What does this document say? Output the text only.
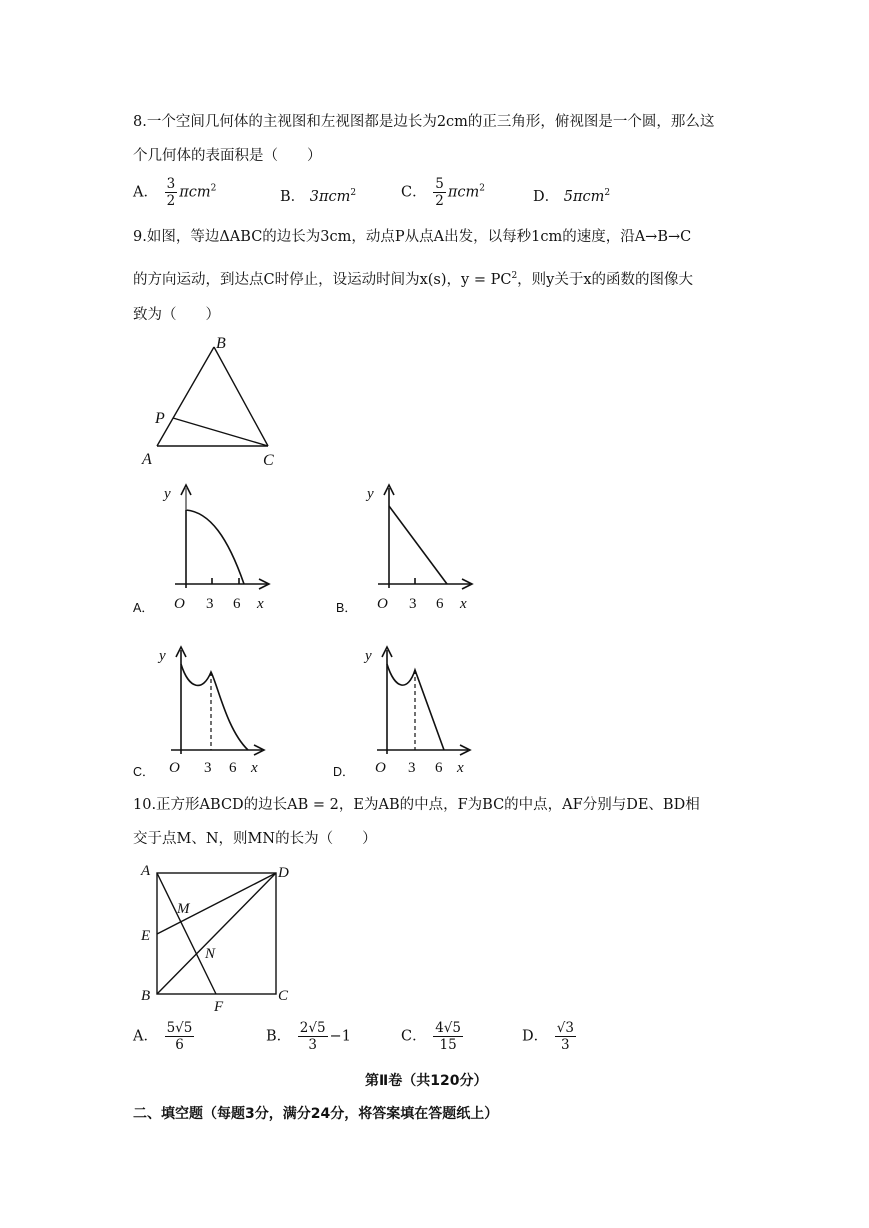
8.一个空间几何体的主视图和左视图都是边长为2cm的正三角形，俯视图是一个圆，那么这
个几何体的表面积是（　　）
A． $\frac{3}{2} \pi cm^2$
B． 3πcm$^2$	C． $\frac{5}{2} \pi cm^2$
D． 5πcm$^2$
9.如图，等边ΔABC的边长为3cm，动点P从点A出发，以每秒1cm的速度，沿A→B→C
的方向运动，到达点C时停止，设运动时间为x(s)，$y = PC^2$，则y关于x的函数的图像大
致为（　　）
B
P
A	C
A．
y
O 3 6 x	B．
y
O 3 6 x
C．
y
O 3 6 x	D．
y
O 3 6 x
10.正方形ABCD的边长AB = 2，E为AB的中点，F为BC的中点，AF分别与DE、BD相
交于点M、N，则MN的长为（　　）
A	D
M
E
N
B
F
C
A． $\frac{5√5}{6}$	B． $\frac{2√5}{3} -1$	C． $\frac{4√5}{15}$	D． $\frac{√3}{3}$
第Ⅱ卷（共120分）
二、填空题（每题3分，满分24分，将答案填在答题纸上）
